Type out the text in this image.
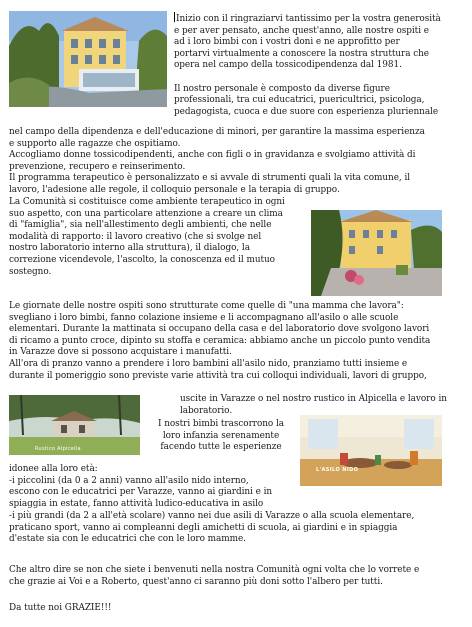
Inizio con il ringraziarvi tantissimo per la vostra generosità

e per aver pensato, anche quest'anno, alle nostre ospiti e

ad i loro bimbi con i vostri doni e ne approfitto per

portarvi virtualmente a conoscere la nostra struttura che

opera nel campo della tossicodipendenza dal 1981.

Il nostro personale è composto da diverse figure

professionali, tra cui educatrici, puericultrici, psicologa,

pedagogista, cuoca e due suore con esperienza pluriennale

nel campo della dipendenza e dell'educazione di minori, per garantire la massima esperienza

e supporto alle ragazze che ospitiamo.

Accogliamo donne tossicodipendenti, anche con figli o in gravidanza e svolgiamo attività di

prevenzione, recupero e reinserimento.

Il programma terapeutico è personalizzato e si avvale di strumenti quali la vita comune, il

lavoro, l'adesione alle regole, il colloquio personale e la terapia di gruppo.

La Comunità si costituisce come ambiente terapeutico in ogni

suo aspetto, con una particolare attenzione a creare un clima

di "famiglia", sia nell'allestimento degli ambienti, che nelle

modalità di rapporto: il lavoro creativo (che si svolge nel

nostro laboratorio interno alla struttura), il dialogo, la

correzione vicendevole, l'ascolto, la conoscenza ed il mutuo

sostegno.

Le giornate delle nostre ospiti sono strutturate come quelle di "una mamma che lavora":

svegliano i loro bimbi, fanno colazione insieme e li accompagnano all'asilo o alle scuole

elementari. Durante la mattinata si occupano della casa e del laboratorio dove svolgono lavori

di ricamo a punto croce, dipinto su stoffa e ceramica: abbiamo anche un piccolo punto vendita

in Varazze dove si possono acquistare i manufatti.

All'ora di pranzo vanno a prendere i loro bambini all'asilo nido, pranziamo tutti insieme e

durante il pomeriggio sono previste varie attività tra cui colloqui individuali, lavori di gruppo,

Rustico Alpicella

uscite in Varazze o nel nostro rustico in Alpicella e lavoro in

laboratorio.

I nostri bimbi trascorrono la

loro infanzia serenamente

facendo tutte le esperienze

L'ASILO NIDO

idonee alla loro età:

-i piccolini (da 0 a 2 anni) vanno all'asilo nido interno,

escono con le educatrici per Varazze, vanno ai giardini e in

spiaggia in estate, fanno attività ludico-educativa in asilo

-i più grandi (da 2 a all'età scolare) vanno nei due asili di Varazze o alla scuola elementare,

praticano sport, vanno ai compleanni degli amichetti di scuola, ai giardini e in spiaggia

d'estate sia con le educatrici che con le loro mamme.

Che altro dire se non che siete i benvenuti nella nostra Comunità ogni volta che lo vorrete e

che grazie ai Voi e a Roberto, quest'anno ci saranno più doni sotto l'albero per tutti.

Da tutte noi GRAZIE!!!
